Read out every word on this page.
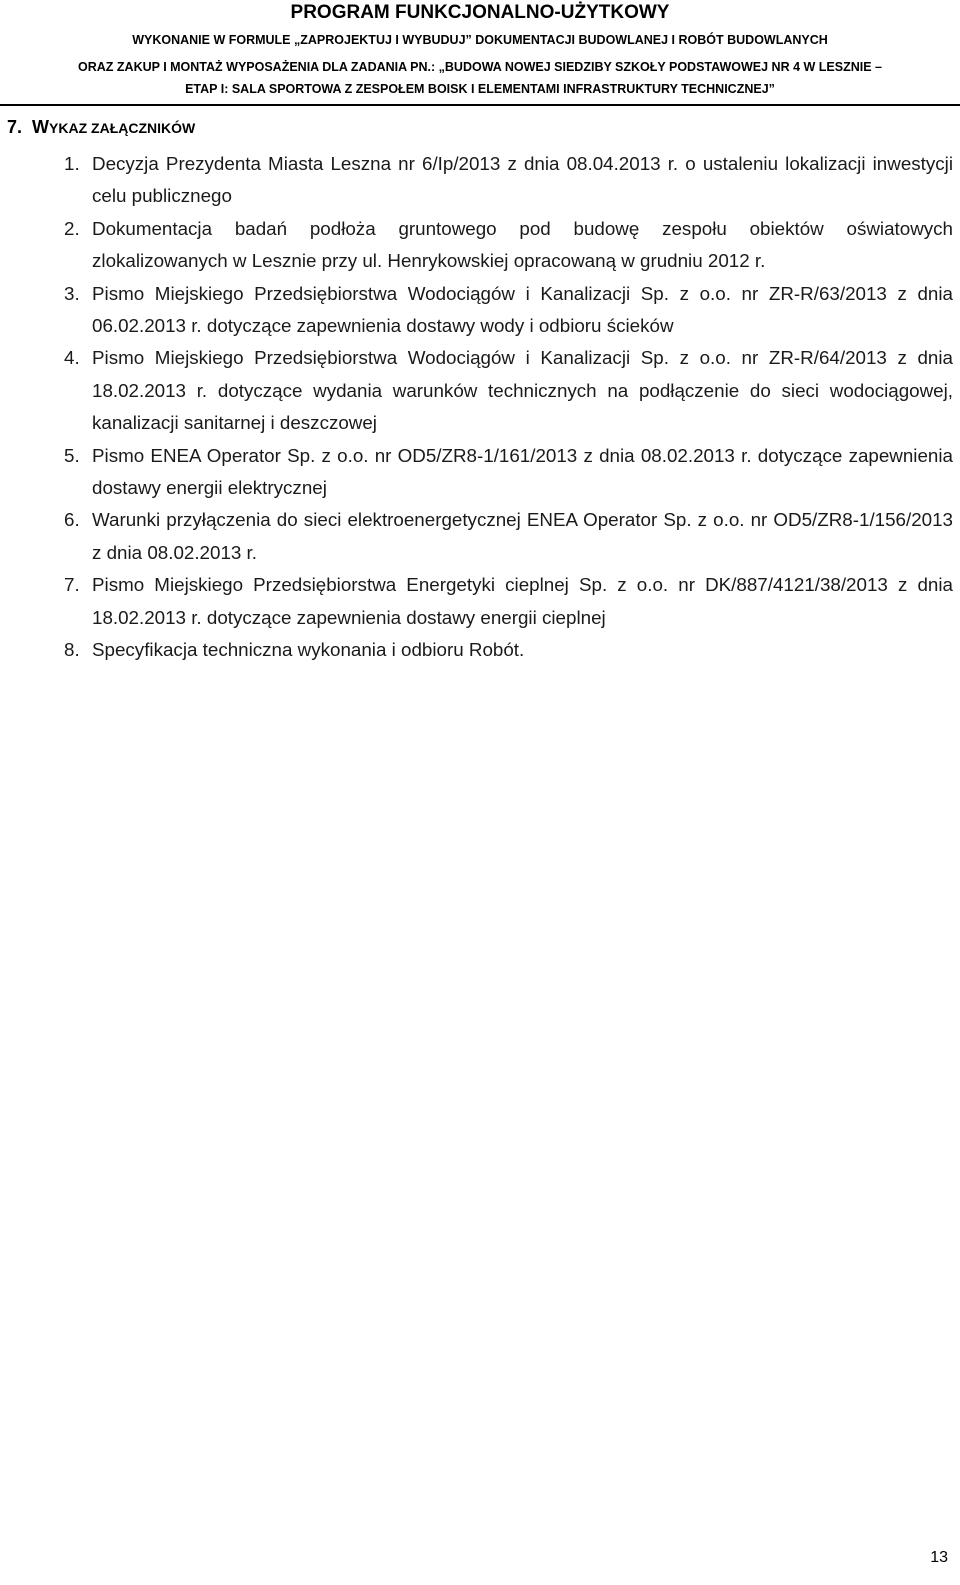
PROGRAM FUNKCJONALNO-UŻYTKOWY
WYKONANIE W FORMULE „ZAPROJEKTUJ I WYBUDUJ” DOKUMENTACJI BUDOWLANEJ I ROBÓT BUDOWLANYCH
ORAZ ZAKUP I MONTAŻ WYPOSAŻENIA DLA ZADANIA PN.: „BUDOWA NOWEJ SIEDZIBY SZKOŁY PODSTAWOWEJ NR 4 W LESZNIE –
ETAP I: SALA SPORTOWA Z ZESPOŁEM BOISK I ELEMENTAMI INFRASTRUKTURY TECHNICZNEJ”
7. WYKAZ ZAŁĄCZNIKÓW
1. Decyzja Prezydenta Miasta Leszna nr 6/Ip/2013 z dnia 08.04.2013 r. o ustaleniu lokalizacji inwestycji celu publicznego
2. Dokumentacja badań podłoża gruntowego pod budowę zespołu obiektów oświatowych zlokalizowanych w Lesznie przy ul. Henrykowskiej opracowaną w grudniu 2012 r.
3. Pismo Miejskiego Przedsiębiorstwa Wodociągów i Kanalizacji Sp. z o.o. nr ZR-R/63/2013 z dnia 06.02.2013 r. dotyczące zapewnienia dostawy wody i odbioru ścieków
4. Pismo Miejskiego Przedsiębiorstwa Wodociągów i Kanalizacji Sp. z o.o. nr ZR-R/64/2013 z dnia 18.02.2013 r. dotyczące wydania warunków technicznych na podłączenie do sieci wodociągowej, kanalizacji sanitarnej i deszczowej
5. Pismo ENEA Operator Sp. z o.o. nr OD5/ZR8-1/161/2013 z dnia 08.02.2013 r. dotyczące zapewnienia dostawy energii elektrycznej
6. Warunki przyłączenia do sieci elektroenergetycznej ENEA Operator Sp. z o.o. nr OD5/ZR8-1/156/2013 z dnia 08.02.2013 r.
7. Pismo Miejskiego Przedsiębiorstwa Energetyki cieplnej Sp. z o.o. nr DK/887/4121/38/2013 z dnia 18.02.2013 r. dotyczące zapewnienia dostawy energii cieplnej
8. Specyfikacja techniczna wykonania i odbioru Robót.
13
